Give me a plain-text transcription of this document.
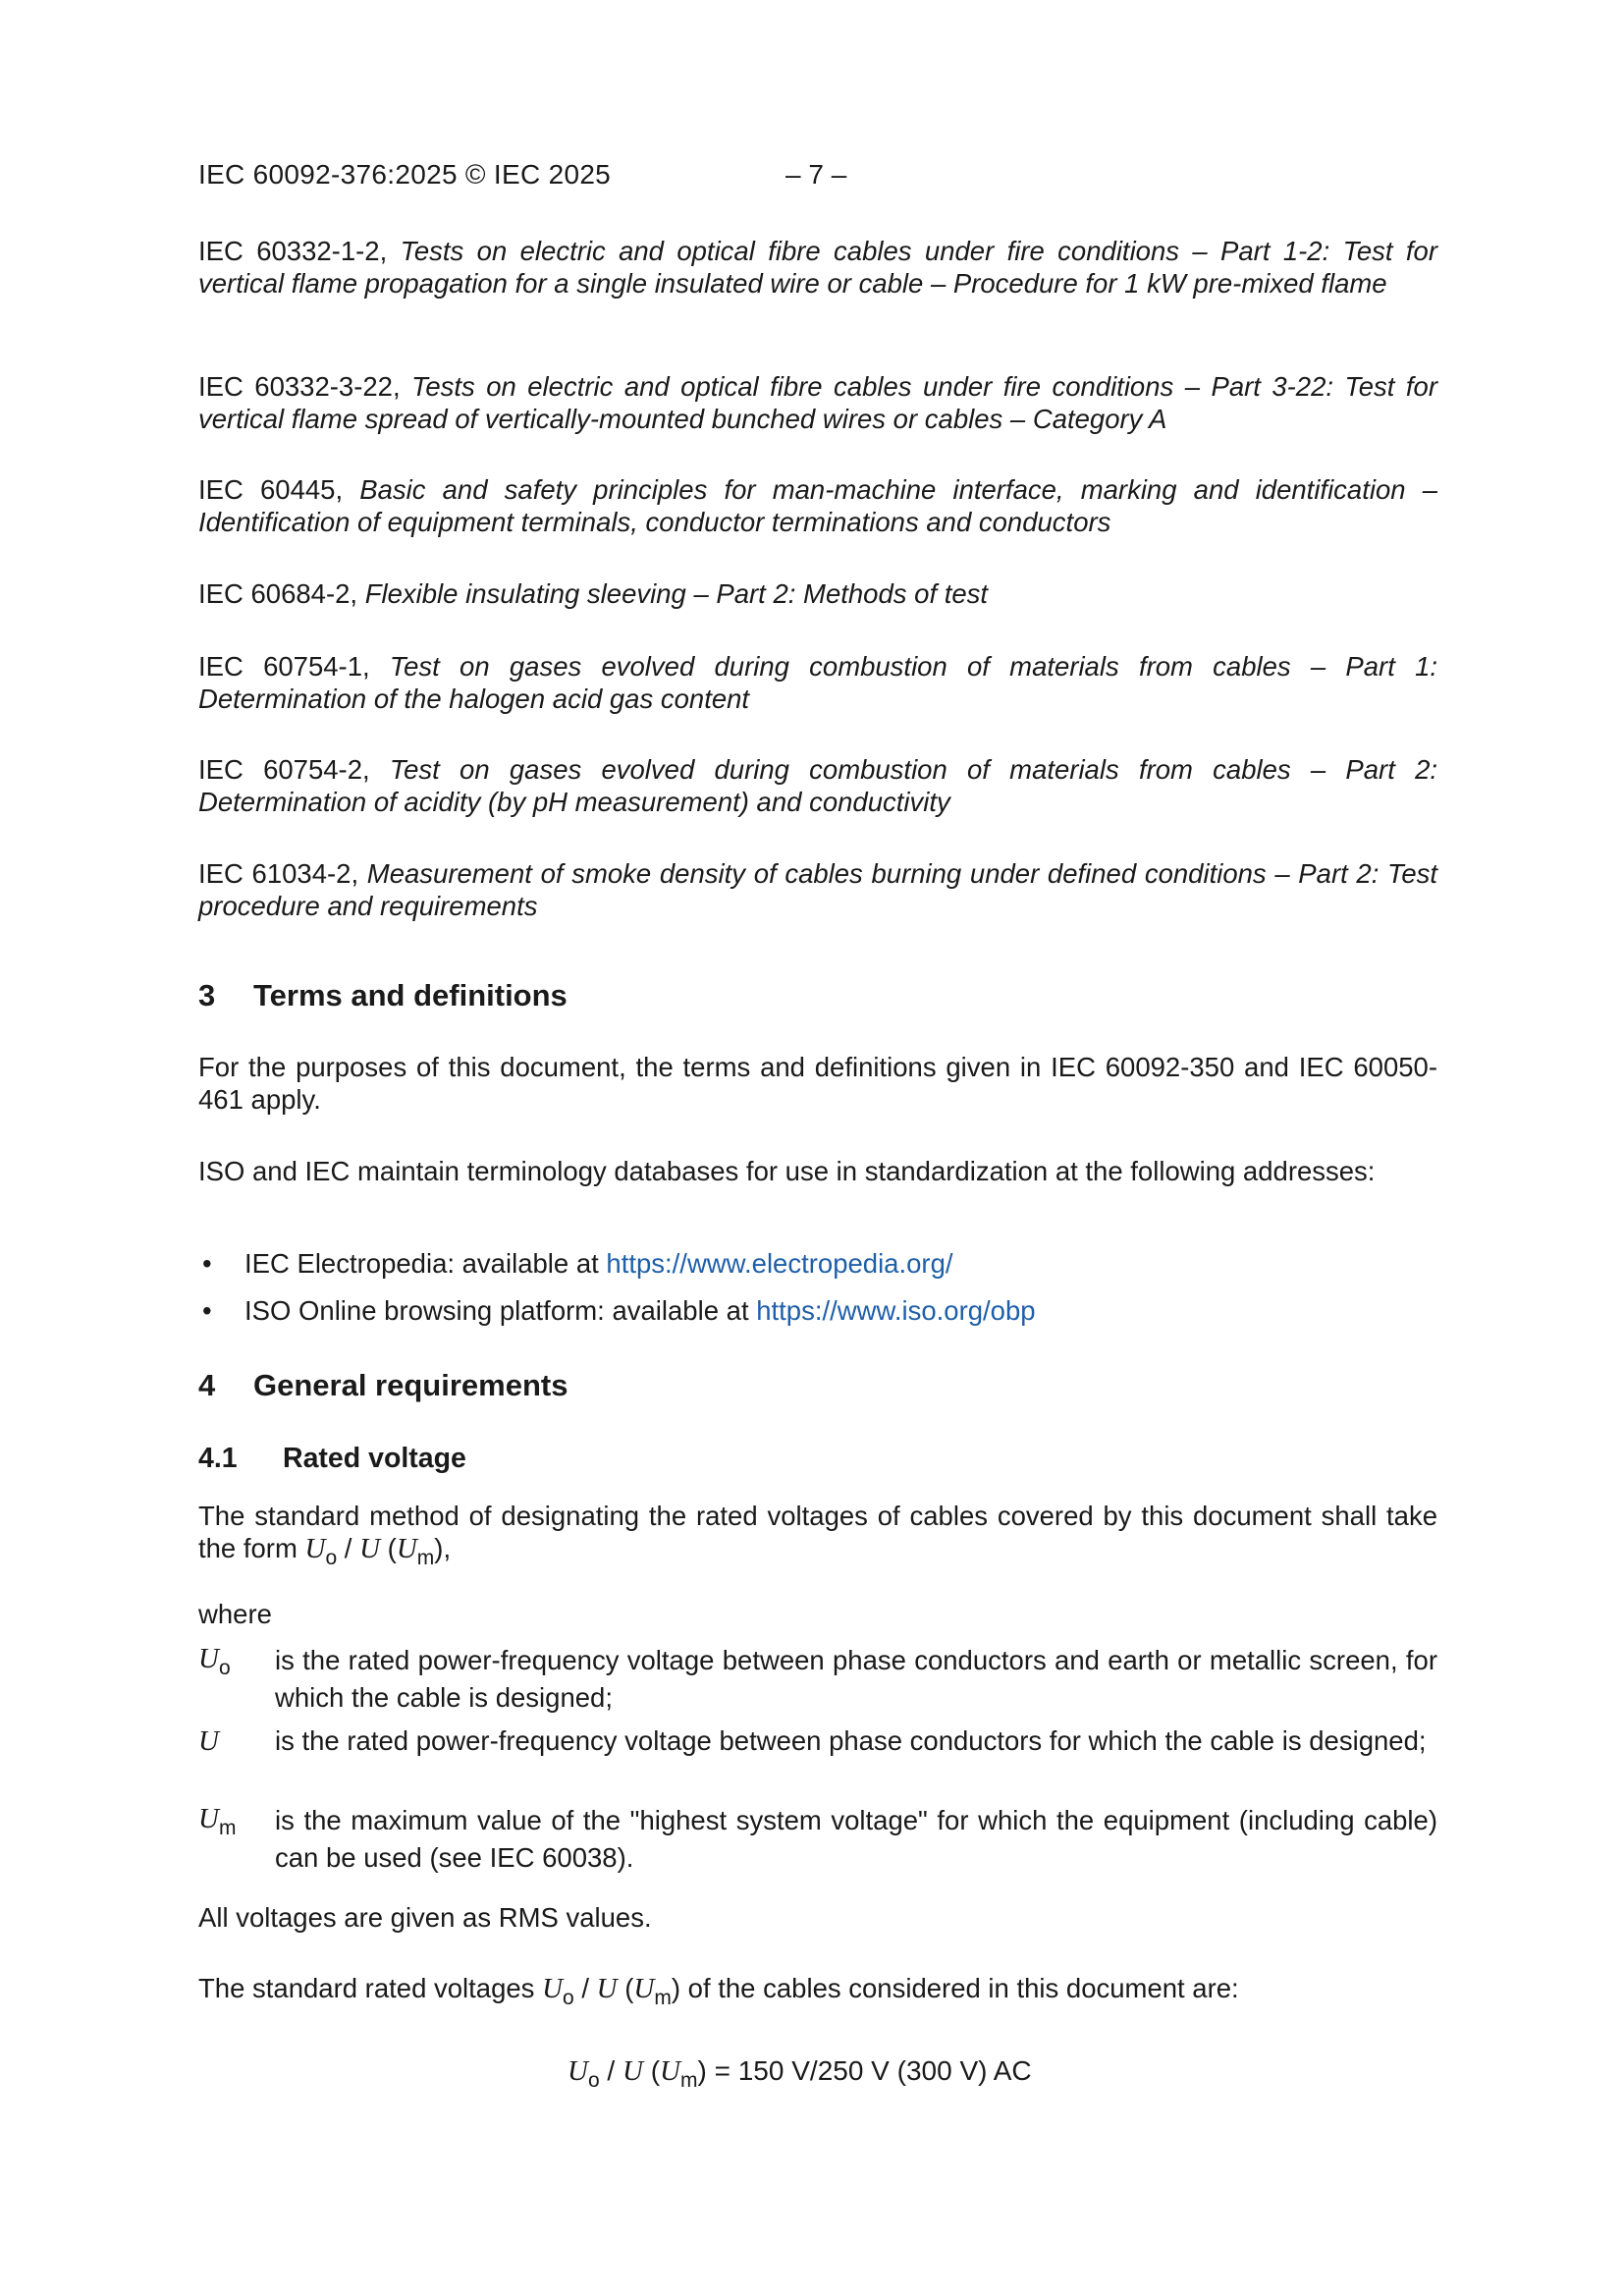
IEC 60092-376:2025 © IEC 2025	– 7 –
IEC 60332-1-2, Tests on electric and optical fibre cables under fire conditions – Part 1-2: Test for vertical flame propagation for a single insulated wire or cable – Procedure for 1 kW pre-mixed flame
IEC 60332-3-22, Tests on electric and optical fibre cables under fire conditions – Part 3-22: Test for vertical flame spread of vertically-mounted bunched wires or cables – Category A
IEC 60445, Basic and safety principles for man-machine interface, marking and identification – Identification of equipment terminals, conductor terminations and conductors
IEC 60684-2, Flexible insulating sleeving – Part 2: Methods of test
IEC 60754-1, Test on gases evolved during combustion of materials from cables – Part 1: Determination of the halogen acid gas content
IEC 60754-2, Test on gases evolved during combustion of materials from cables – Part 2: Determination of acidity (by pH measurement) and conductivity
IEC 61034-2, Measurement of smoke density of cables burning under defined conditions – Part 2: Test procedure and requirements
3 Terms and definitions
For the purposes of this document, the terms and definitions given in IEC 60092-350 and IEC 60050-461 apply.
ISO and IEC maintain terminology databases for use in standardization at the following addresses:
• IEC Electropedia: available at https://www.electropedia.org/
• ISO Online browsing platform: available at https://www.iso.org/obp
4 General requirements
4.1 Rated voltage
The standard method of designating the rated voltages of cables covered by this document shall take the form $U_o$ / U $(U_m)$,
where
$U_o$ is the rated power-frequency voltage between phase conductors and earth or metallic screen, for which the cable is designed;
U is the rated power-frequency voltage between phase conductors for which the cable is designed;
$U_m$ is the maximum value of the "highest system voltage" for which the equipment (including cable) can be used (see IEC 60038).
All voltages are given as RMS values.
The standard rated voltages $U_o$ / U $(U_m)$ of the cables considered in this document are:
$U_o$ / U $(U_m) = 150$ V/250 V (300 V) AC
